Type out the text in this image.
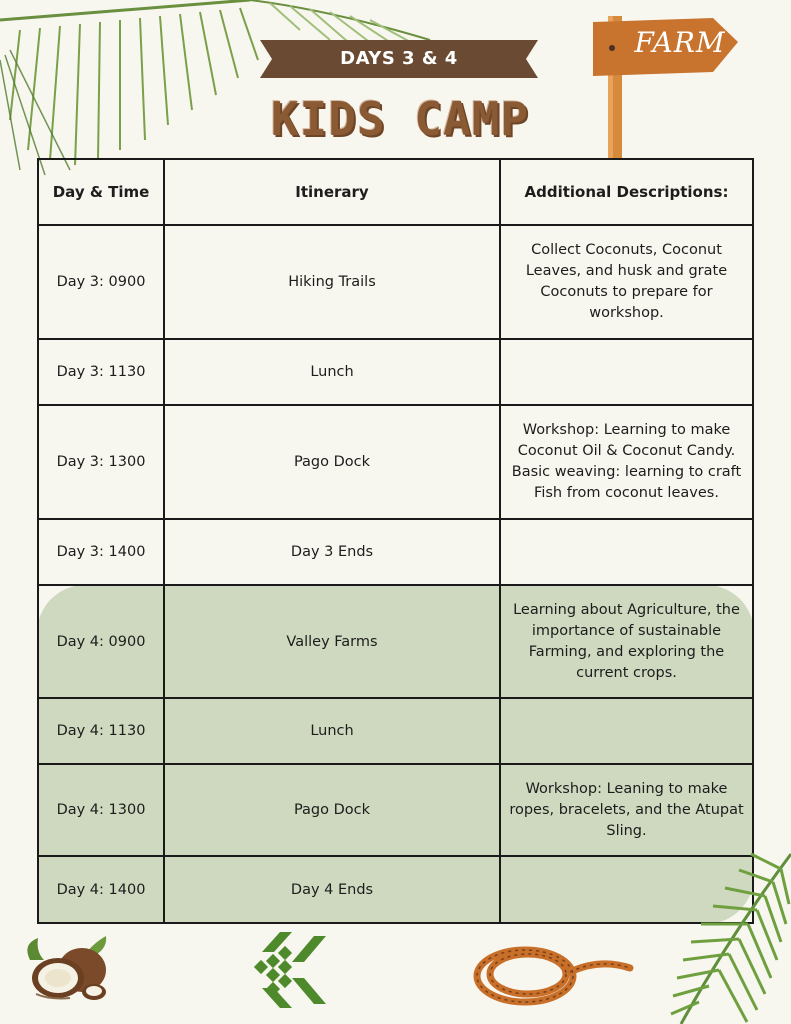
DAYS 3 & 4
KIDS CAMP
FARM
Day & Time	Itinerary	Additional Descriptions:
Day 3: 0900	Hiking Trails	Collect Coconuts, Coconut Leaves, and husk and grate Coconuts to prepare for workshop.
Day 3: 1130	Lunch	
Day 3: 1300	Pago Dock	Workshop: Learning to make Coconut Oil & Coconut Candy. Basic weaving: learning to craft Fish from coconut leaves.
Day 3: 1400	Day 3 Ends	
Day 4: 0900	Valley Farms	Learning about Agriculture, the importance of sustainable Farming, and exploring the current crops.
Day 4: 1130	Lunch	
Day 4: 1300	Pago Dock	Workshop: Leaning to make ropes, bracelets, and the Atupat Sling.
Day 4: 1400	Day 4 Ends	
